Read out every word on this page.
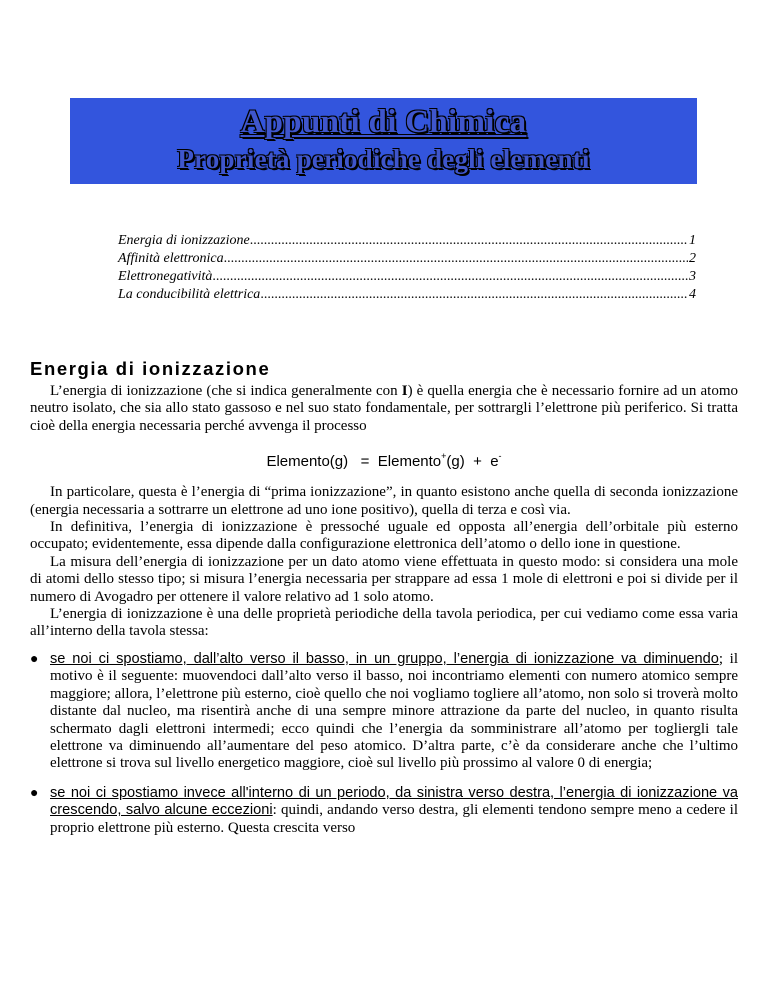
Appunti di Chimica
Proprietà periodiche degli elementi
Energia di ionizzazione .....	1
Affinità elettronica .....	2
Elettronegatività .....	3
La conducibilità elettrica .....	4
Energia di ionizzazione

L’energia di ionizzazione (che si indica generalmente con I) è quella energia che è necessario fornire ad un atomo neutro isolato, che sia allo stato gassoso e nel suo stato fondamentale, per sottrargli l’elettrone più periferico. Si tratta cioè della energia necessaria perché avvenga il processo

Elemento(g) = Elemento+(g) + e-

In particolare, questa è l’energia di “prima ionizzazione”, in quanto esistono anche quella di seconda ionizzazione (energia necessaria a sottrarre un elettrone ad uno ione positivo), quella di terza e così via.

In definitiva, l’energia di ionizzazione è pressoché uguale ed opposta all’energia dell’orbitale più esterno occupato; evidentemente, essa dipende dalla configurazione elettronica dell’atomo o dello ione in questione.

La misura dell’energia di ionizzazione per un dato atomo viene effettuata in questo modo: si considera una mole di atomi dello stesso tipo; si misura l’energia necessaria per strappare ad essa 1 mole di elettroni e poi si divide per il numero di Avogadro per ottenere il valore relativo ad 1 solo atomo.

L’energia di ionizzazione è una delle proprietà periodiche della tavola periodica, per cui vediamo come essa varia all’interno della tavola stessa:

● se noi ci spostiamo, dall’alto verso il basso, in un gruppo, l’energia di ionizzazione va diminuendo; il motivo è il seguente: muovendoci dall’alto verso il basso, noi incontriamo elementi con numero atomico sempre maggiore; allora, l’elettrone più esterno, cioè quello che noi vogliamo togliere all’atomo, non solo si troverà molto distante dal nucleo, ma risentirà anche di una sempre minore attrazione da parte del nucleo, in quanto risulta schermato dagli elettroni intermedi; ecco quindi che l’energia da somministrare all’atomo per togliergli tale elettrone va diminuendo all’aumentare del peso atomico. D’altra parte, c’è da considerare anche che l’ultimo elettrone si trova sul livello energetico maggiore, cioè sul livello più prossimo al valore 0 di energia;
● se noi ci spostiamo invece all'interno di un periodo, da sinistra verso destra, l’energia di ionizzazione va crescendo, salvo alcune eccezioni: quindi, andando verso destra, gli elementi tendono sempre meno a cedere il proprio elettrone più esterno. Questa crescita verso
